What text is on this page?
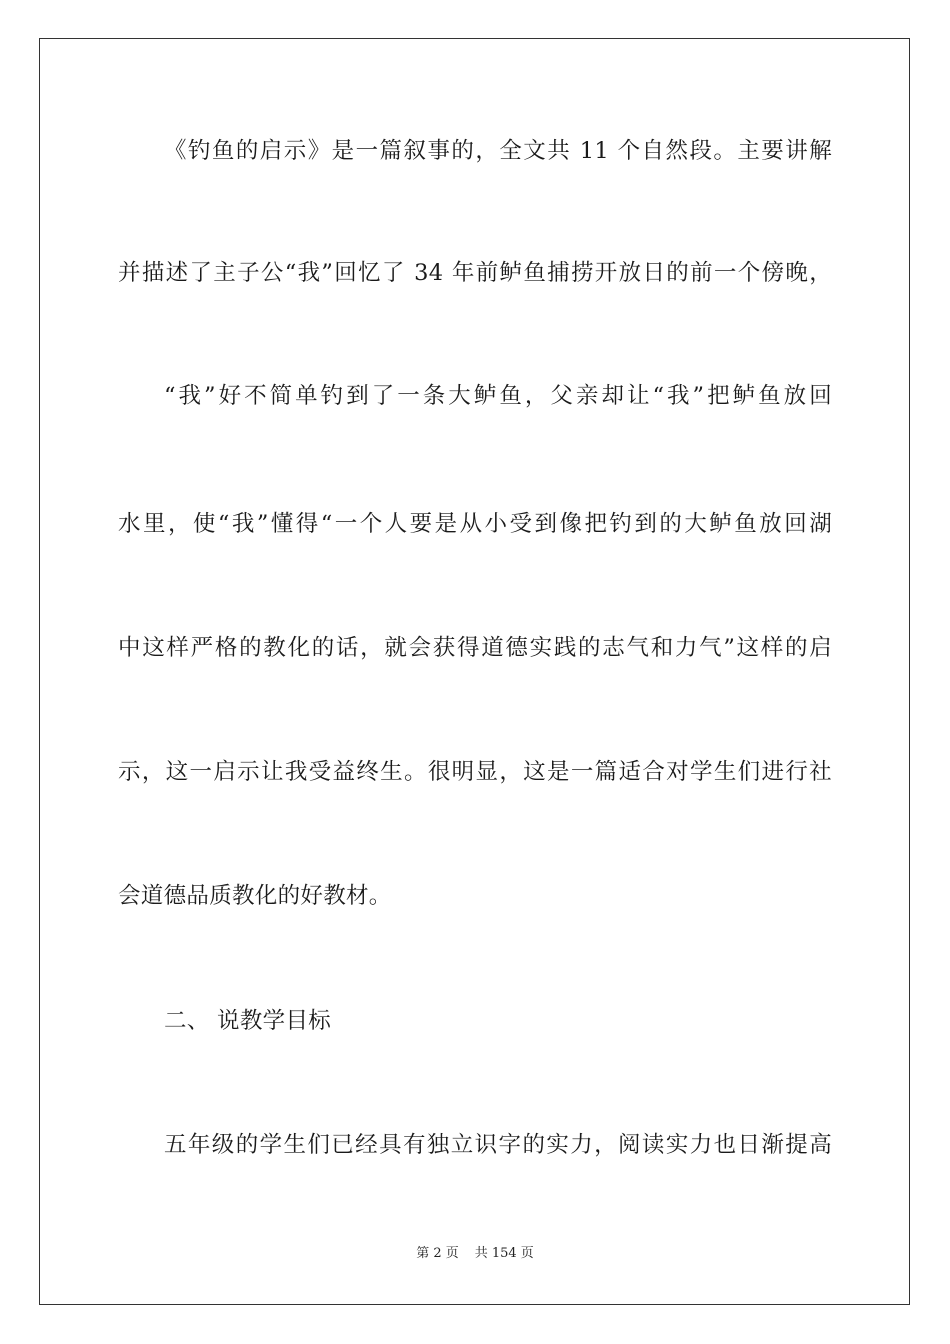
《钓鱼的启示》是一篇叙事的，全文共 11 个自然段。主要讲解
并描述了主子公“我”回忆了 34 年前鲈鱼捕捞开放日的前一个傍晚，
“我”好不简单钓到了一条大鲈鱼，父亲却让“我”把鲈鱼放回
水里，使“我”懂得“一个人要是从小受到像把钓到的大鲈鱼放回湖
中这样严格的教化的话，就会获得道德实践的志气和力气”这样的启
示，这一启示让我受益终生。很明显，这是一篇适合对学生们进行社
会道德品质教化的好教材。
二、 说教学目标
五年级的学生们已经具有独立识字的实力，阅读实力也日渐提高
第 2 页 共 154 页
